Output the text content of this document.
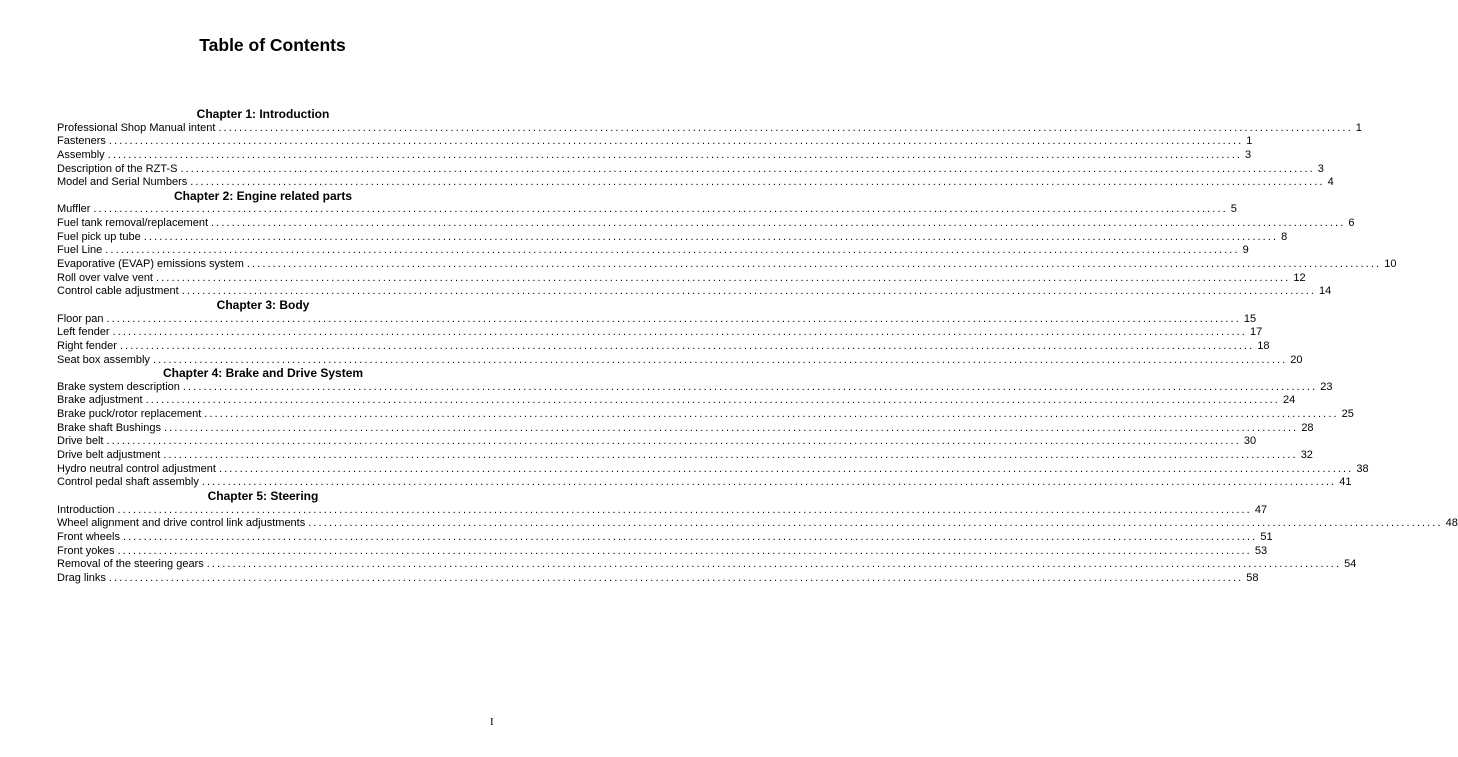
Table of Contents
Chapter 1: Introduction
Professional Shop Manual intent ............................................................................................................................................................................................................................ 1
Fasteners ............................................................................................................................................................................................................................ 1
Assembly ............................................................................................................................................................................................................................ 3
Description of the RZT-S ............................................................................................................................................................................................................................ 3
Model and Serial Numbers ............................................................................................................................................................................................................................ 4
Chapter 2: Engine related parts
Muffler ............................................................................................................................................................................................................................ 5
Fuel tank removal/replacement ............................................................................................................................................................................................................................ 6
Fuel pick up tube ............................................................................................................................................................................................................................ 8
Fuel Line ............................................................................................................................................................................................................................ 9
Evaporative (EVAP) emissions system ............................................................................................................................................................................................................................ 10
Roll over valve vent ............................................................................................................................................................................................................................ 12
Control cable adjustment ............................................................................................................................................................................................................................ 14
Chapter 3: Body
Floor pan ............................................................................................................................................................................................................................ 15
Left fender ............................................................................................................................................................................................................................ 17
Right fender ............................................................................................................................................................................................................................ 18
Seat box assembly ............................................................................................................................................................................................................................ 20
Chapter 4: Brake and Drive System
Brake system description ............................................................................................................................................................................................................................ 23
Brake adjustment ............................................................................................................................................................................................................................ 24
Brake puck/rotor replacement ............................................................................................................................................................................................................................ 25
Brake shaft Bushings ............................................................................................................................................................................................................................ 28
Drive belt ............................................................................................................................................................................................................................ 30
Drive belt adjustment ............................................................................................................................................................................................................................ 32
Hydro neutral control adjustment ............................................................................................................................................................................................................................ 38
Control pedal shaft assembly ............................................................................................................................................................................................................................ 41
Chapter 5: Steering
Introduction ............................................................................................................................................................................................................................ 47
Wheel alignment and drive control link adjustments ............................................................................................................................................................................................................................ 48
Front wheels ............................................................................................................................................................................................................................ 51
Front yokes ............................................................................................................................................................................................................................ 53
Removal of the steering gears ............................................................................................................................................................................................................................ 54
Drag links ............................................................................................................................................................................................................................ 58
I
